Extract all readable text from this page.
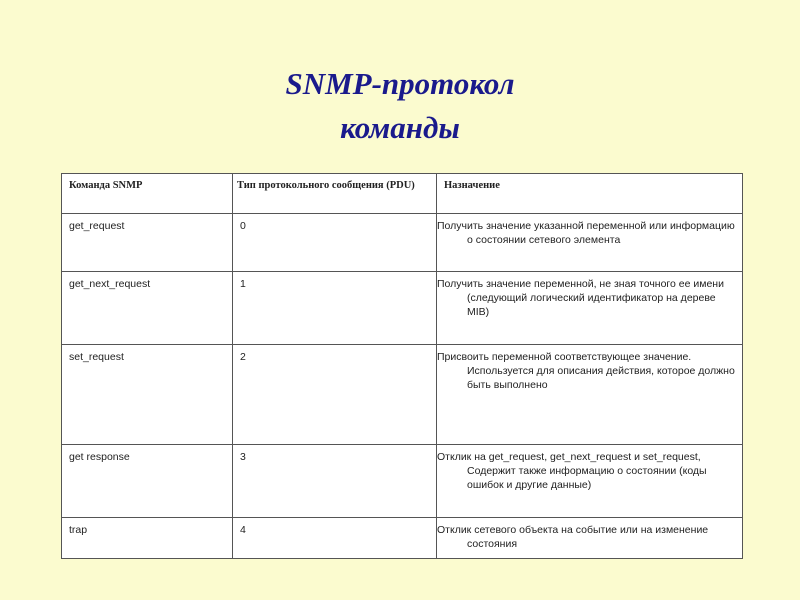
SNMP-протокол
команды
Команда SNMP	Тип протокольного сообщения (PDU)	Назначение
get_request	0	Получить значение указанной переменной или информацию о состоянии сетевого элемента
get_next_request	1	Получить значение переменной, не зная точного ее имени (следующий логический идентификатор на дереве MIB)
set_request	2	Присвоить переменной соответствующее значение. Используется для описания действия, которое должно быть выполнено
get response	3	Отклик на get_request, get_next_request и set_request, Содержит также информацию о состоянии (коды ошибок и другие данные)
trap	4	Отклик сетевого объекта на событие или на изменение состояния
